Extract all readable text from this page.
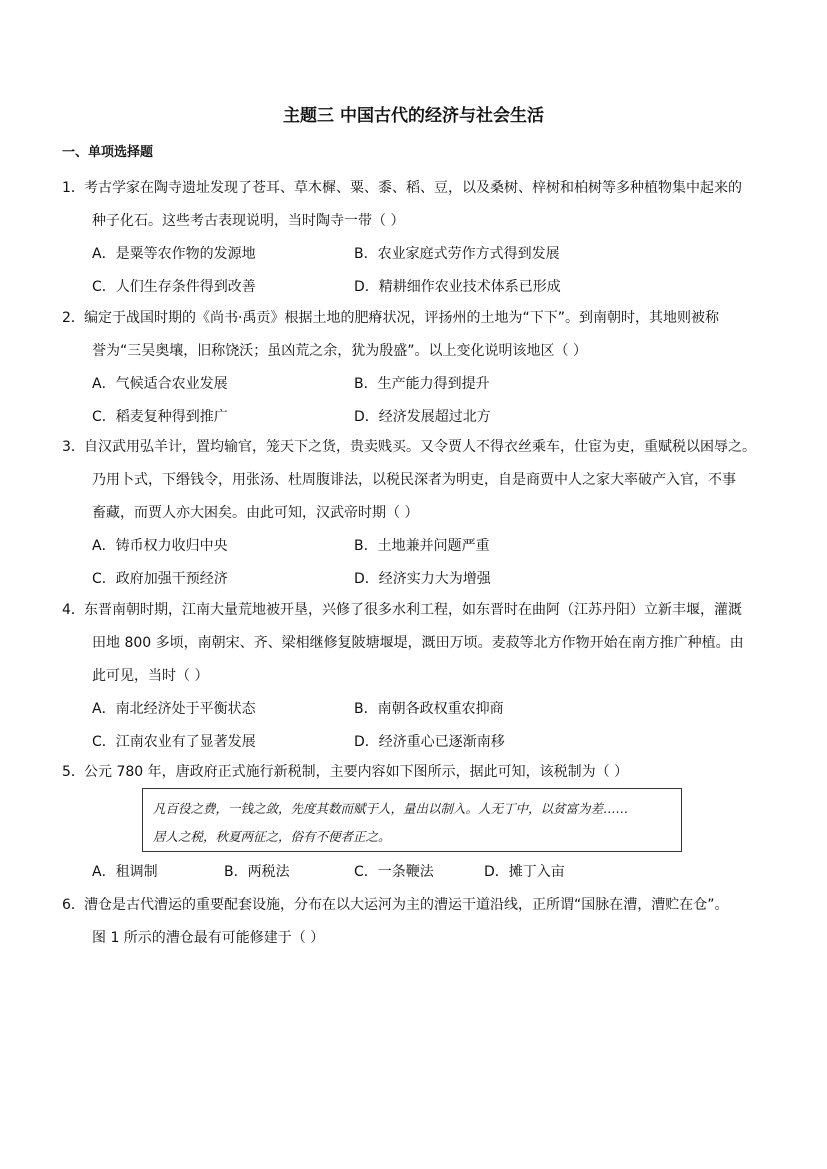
主题三 中国古代的经济与社会生活
一、单项选择题
1． 考古学家在陶寺遗址发现了苍耳、草木樨、粟、黍、稻、豆，以及桑树、梓树和柏树等多种植物集中起来的
种子化石。这些考古表现说明，当时陶寺一带（ ）
A．是粟等农作物的发源地	B．农业家庭式劳作方式得到发展
C．人们生存条件得到改善	D．精耕细作农业技术体系已形成
2． 编定于战国时期的《尚书·禹贡》根据土地的肥瘠状况，评扬州的土地为“下下”。到南朝时，其地则被称
誉为“三吴奥壤，旧称饶沃；虽凶荒之余，犹为殷盛”。以上变化说明该地区（ ）
A．气候适合农业发展	B．生产能力得到提升
C．稻麦复种得到推广	D．经济发展超过北方
3． 自汉武用弘羊计，置均输官，笼天下之货，贵卖贱买。又令贾人不得衣丝乘车，仕宦为吏，重赋税以困辱之。
乃用卜式，下缗钱令，用张汤、杜周腹诽法，以税民深者为明吏，自是商贾中人之家大率破产入官，不事
畜藏，而贾人亦大困矣。由此可知，汉武帝时期（ ）
A．铸币权力收归中央	B．土地兼并问题严重
C．政府加强干预经济	D．经济实力大为增强
4． 东晋南朝时期，江南大量荒地被开垦，兴修了很多水利工程，如东晋时在曲阿（江苏丹阳）立新丰堰，灌溉
田地 800 多顷，南朝宋、齐、梁相继修复陂塘堰堤，溉田万顷。麦菽等北方作物开始在南方推广种植。由
此可见，当时（ ）
A．南北经济处于平衡状态	B．南朝各政权重农抑商
C．江南农业有了显著发展	D．经济重心已逐渐南移
5． 公元 780 年，唐政府正式施行新税制，主要内容如下图所示，据此可知，该税制为（ ）
凡百役之费，一钱之敛，先度其数而赋于人，量出以制入。人无丁中，以贫富为差……
居人之税，秋夏两征之，俗有不便者正之。
A．租调制	B．两税法	C．一条鞭法	D．摊丁入亩
6． 漕仓是古代漕运的重要配套设施，分布在以大运河为主的漕运干道沿线，正所谓“国脉在漕，漕贮在仓”。
图 1 所示的漕仓最有可能修建于（ ）
